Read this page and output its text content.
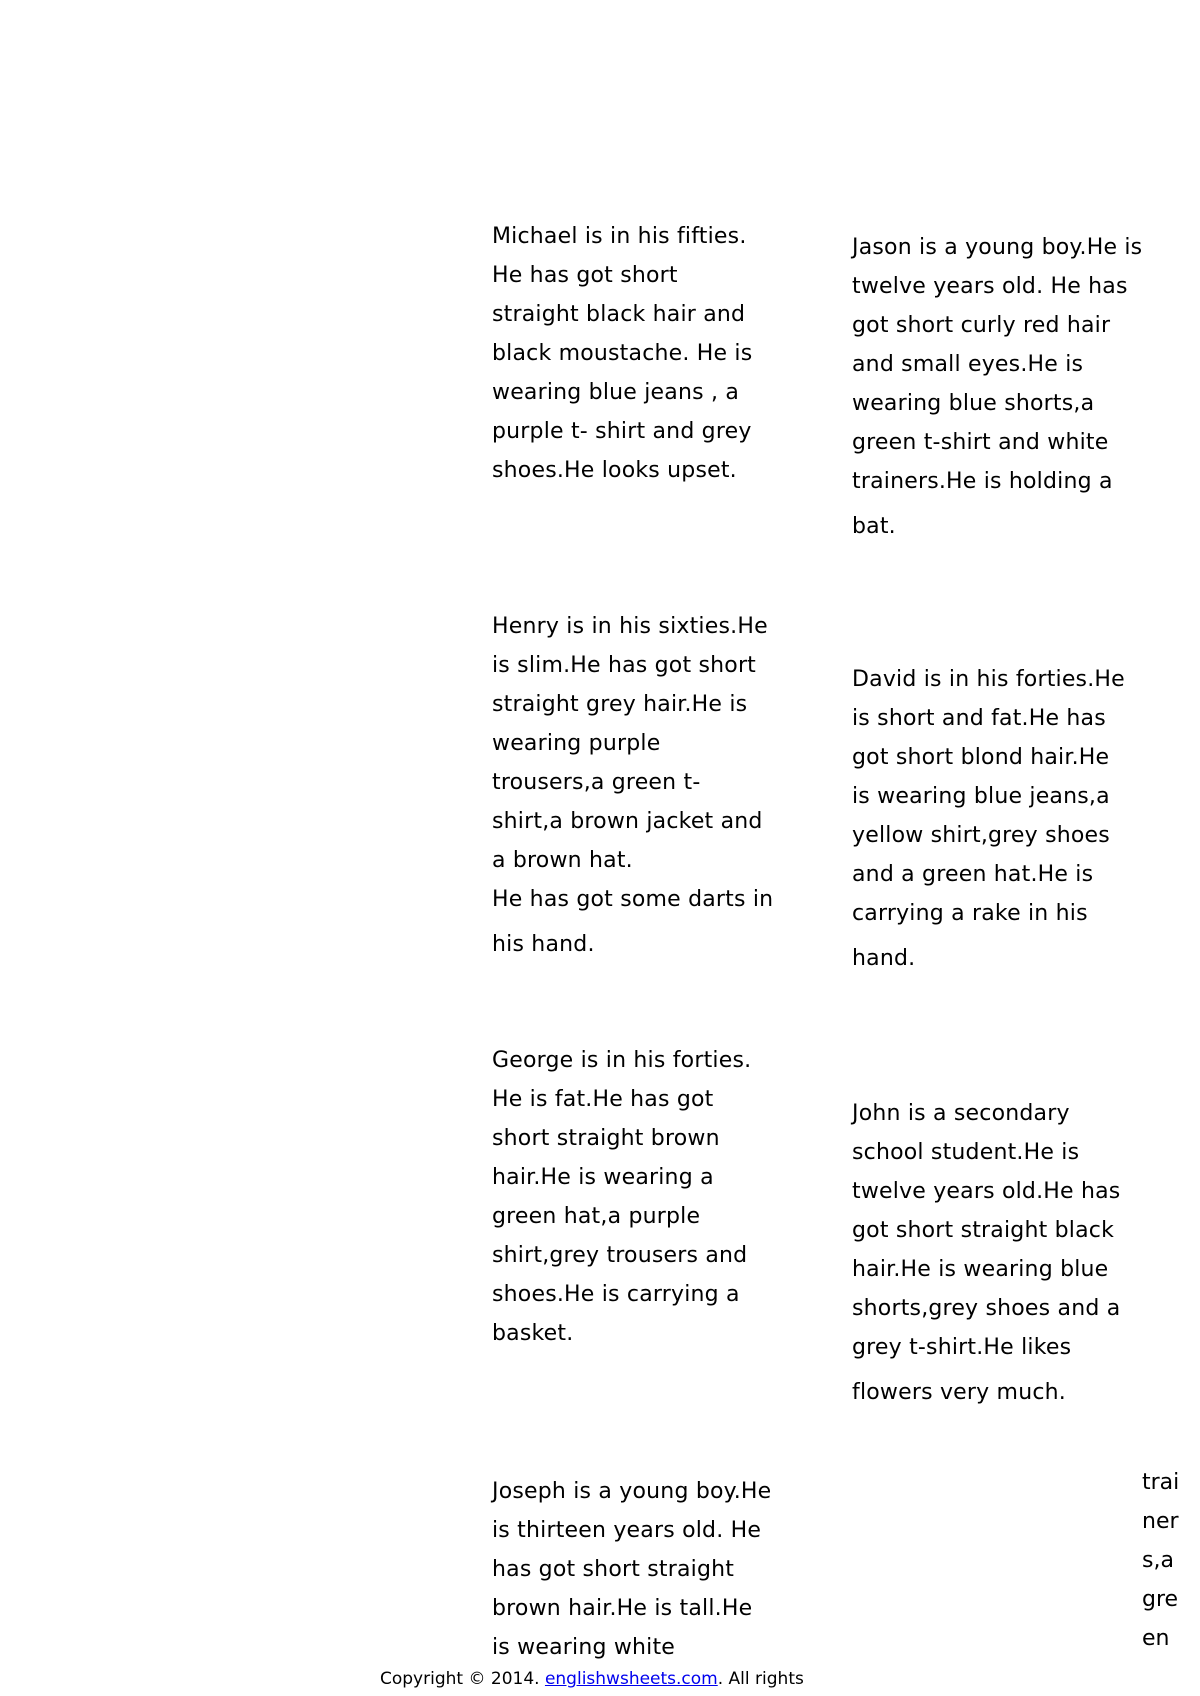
Michael is in his fifties.
He has got short
straight black hair and
black moustache. He is
wearing blue jeans , a
purple t- shirt and grey
shoes.He looks upset.
Jason is a young boy.He is
twelve years old. He has
got short curly red hair
and small eyes.He is
wearing blue shorts,a
green t-shirt and white
trainers.He is holding a
bat.
Henry is in his sixties.He
is slim.He has got short
straight grey hair.He is
wearing purple
trousers,a green t-
shirt,a brown jacket and
a brown hat.
He has got some darts in
his hand.
David is in his forties.He
is short and fat.He has
got short blond hair.He
is wearing blue jeans,a
yellow shirt,grey shoes
and a green hat.He is
carrying a rake in his
hand.
George is in his forties.
He is fat.He has got
short straight brown
hair.He is wearing a
green hat,a purple
shirt,grey trousers and
shoes.He is carrying a
basket.
John is a secondary
school student.He is
twelve years old.He has
got short straight black
hair.He is wearing blue
shorts,grey shoes and a
grey t-shirt.He likes
flowers very much.
Joseph is a young boy.He
is thirteen years old. He
has got short straight
brown hair.He is tall.He
is wearing white
trai
ner
s,a
gre
en
Copyright © 2014. englishwsheets.com. All rights
